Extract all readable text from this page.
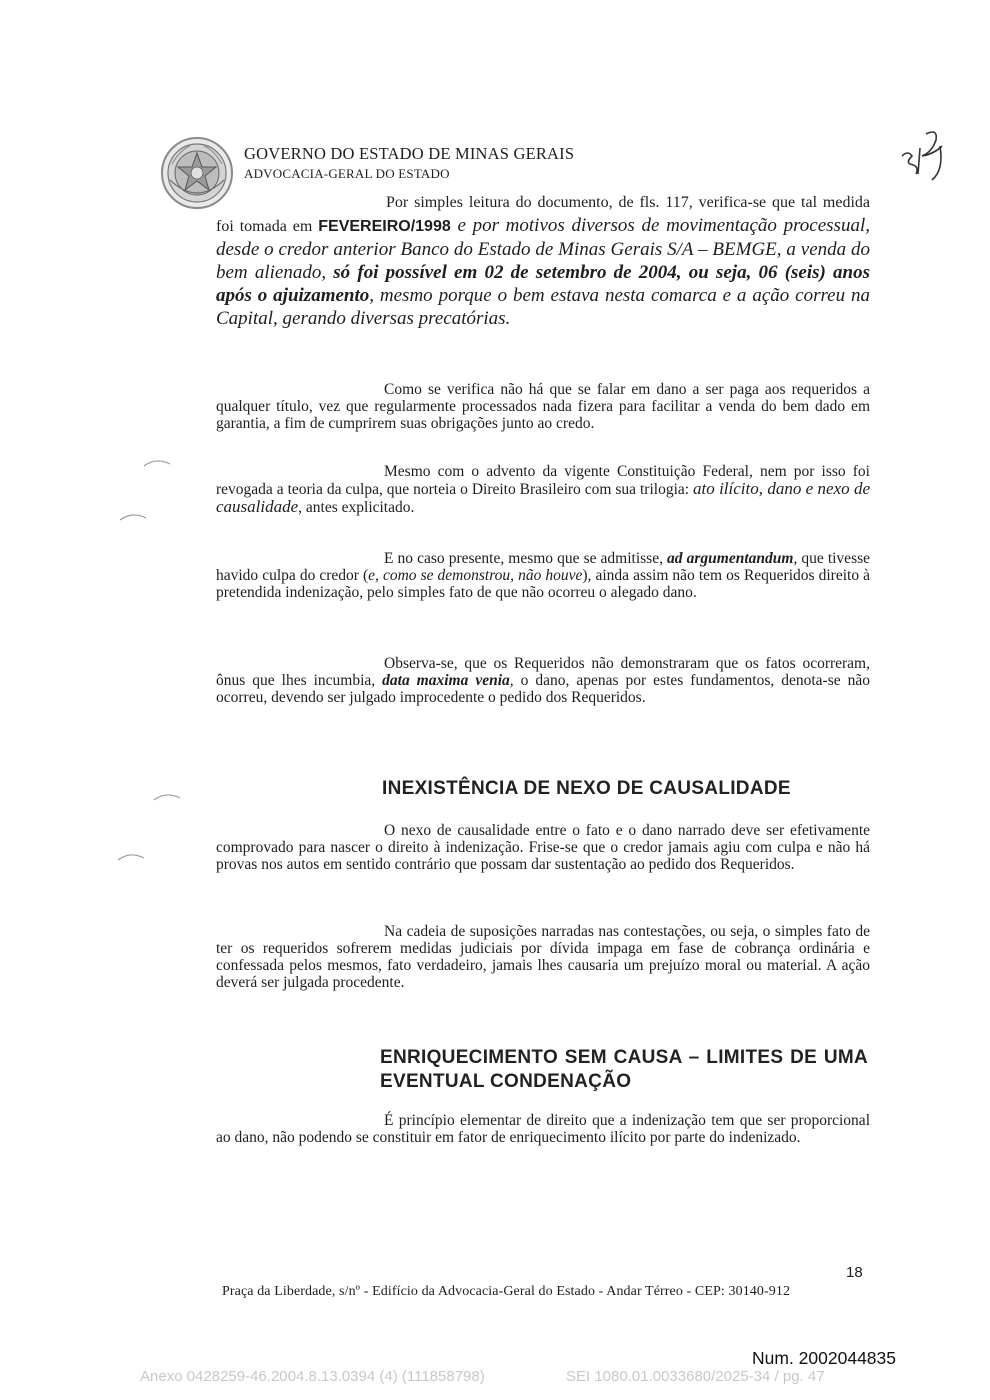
GOVERNO DO ESTADO DE MINAS GERAIS
ADVOCACIA-GERAL DO ESTADO
Por simples leitura do documento, de fls. 117, verifica-se que tal medida foi tomada em FEVEREIRO/1998 e por motivos diversos de movimentação processual, desde o credor anterior Banco do Estado de Minas Gerais S/A – BEMGE, a venda do bem alienado, só foi possível em 02 de setembro de 2004, ou seja, 06 (seis) anos após o ajuizamento, mesmo porque o bem estava nesta comarca e a ação correu na Capital, gerando diversas precatórias.
Como se verifica não há que se falar em dano a ser paga aos requeridos a qualquer título, vez que regularmente processados nada fizera para facilitar a venda do bem dado em garantia, a fim de cumprirem suas obrigações junto ao credo.
Mesmo com o advento da vigente Constituição Federal, nem por isso foi revogada a teoria da culpa, que norteia o Direito Brasileiro com sua trilogia: ato ilícito, dano e nexo de causalidade, antes explicitado.
E no caso presente, mesmo que se admitisse, ad argumentandum, que tivesse havido culpa do credor (e, como se demonstrou, não houve), ainda assim não tem os Requeridos direito à pretendida indenização, pelo simples fato de que não ocorreu o alegado dano.
Observa-se, que os Requeridos não demonstraram que os fatos ocorreram, ônus que lhes incumbia, data maxima venia, o dano, apenas por estes fundamentos, denota-se não ocorreu, devendo ser julgado improcedente o pedido dos Requeridos.
INEXISTÊNCIA DE NEXO DE CAUSALIDADE
O nexo de causalidade entre o fato e o dano narrado deve ser efetivamente comprovado para nascer o direito à indenização. Frise-se que o credor jamais agiu com culpa e não há provas nos autos em sentido contrário que possam dar sustentação ao pedido dos Requeridos.
Na cadeia de suposições narradas nas contestações, ou seja, o simples fato de ter os requeridos sofrerem medidas judiciais por dívida impaga em fase de cobrança ordinária e confessada pelos mesmos, fato verdadeiro, jamais lhes causaria um prejuízo moral ou material. A ação deverá ser julgada procedente.
ENRIQUECIMENTO SEM CAUSA – LIMITES DE UMA EVENTUAL CONDENAÇÃO
É princípio elementar de direito que a indenização tem que ser proporcional ao dano, não podendo se constituir em fator de enriquecimento ilícito por parte do indenizado.
18
Praça da Liberdade, s/nº - Edifício da Advocacia-Geral do Estado - Andar Térreo - CEP: 30140-912
Num. 2002044835
Anexo 0428259-46.2004.8.13.0394 (4) (111858798)	SEI 1080.01.0033680/2025-34 / pg. 47
